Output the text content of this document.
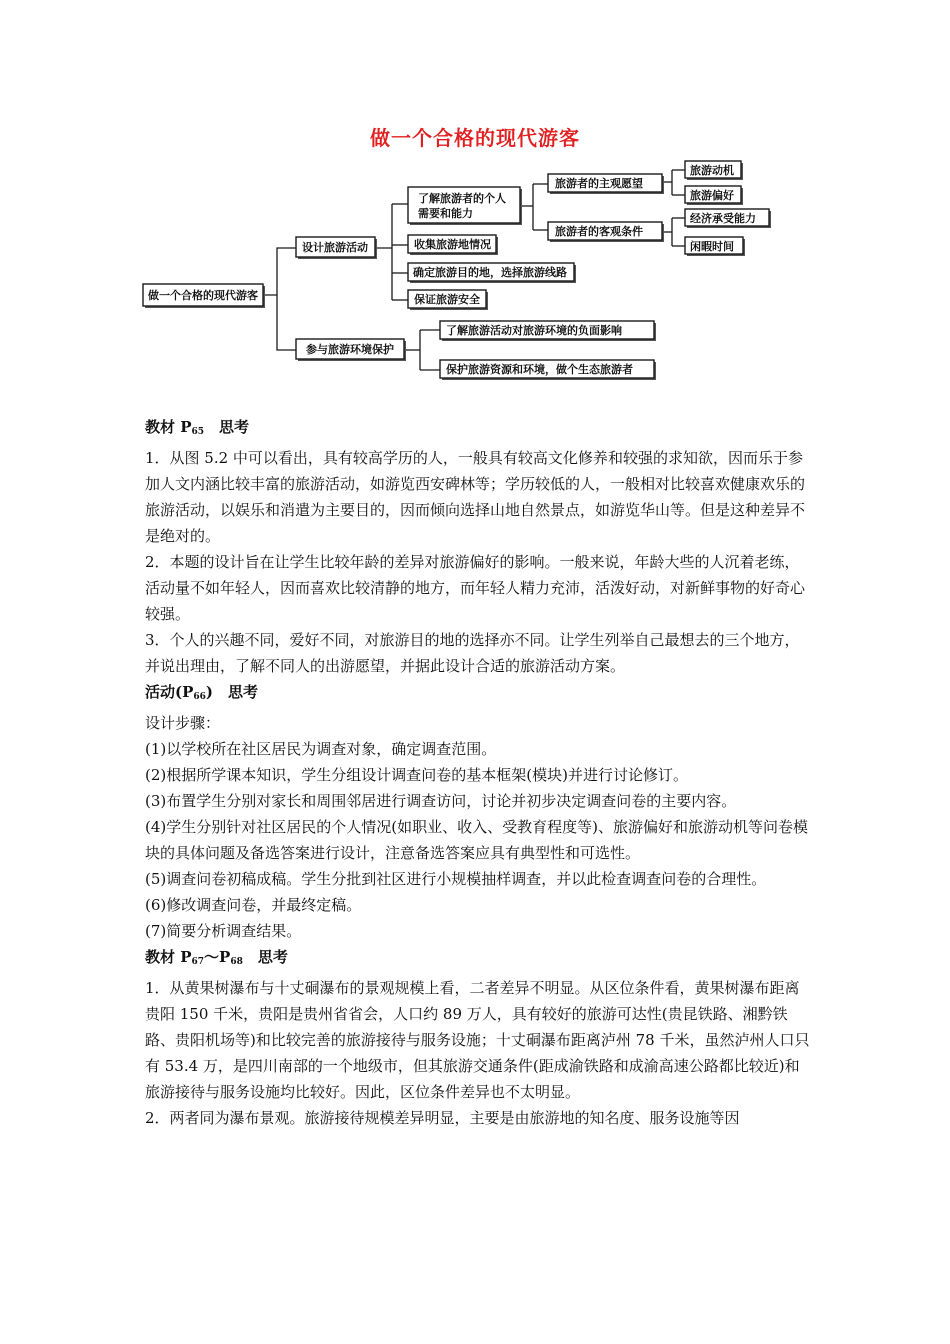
做一个合格的现代游客
做一个合格的现代游客
设计旅游活动
参与旅游环境保护
了解旅游者的个人
需要和能力
收集旅游地情况
确定旅游目的地，选择旅游线路
保证旅游安全
旅游者的主观愿望
旅游者的客观条件
旅游动机
旅游偏好
经济承受能力
闲暇时间
了解旅游活动对旅游环境的负面影响
保护旅游资源和环境，做个生态旅游者

教材 $P_{65}$　思考

1．从图 5.2 中可以看出，具有较高学历的人，一般具有较高文化修养和较强的求知欲，因而乐于参加人文内涵比较丰富的旅游活动，如游览西安碑林等；学历较低的人，一般相对比较喜欢健康欢乐的旅游活动，以娱乐和消遣为主要目的，因而倾向选择山地自然景点，如游览华山等。但是这种差异不是绝对的。

2．本题的设计旨在让学生比较年龄的差异对旅游偏好的影响。一般来说，年龄大些的人沉着老练，活动量不如年轻人，因而喜欢比较清静的地方，而年轻人精力充沛，活泼好动，对新鲜事物的好奇心较强。

3．个人的兴趣不同，爱好不同，对旅游目的地的选择亦不同。让学生列举自己最想去的三个地方，并说出理由，了解不同人的出游愿望，并据此设计合适的旅游活动方案。

活动$(P_{66})$　思考

设计步骤：

(1)以学校所在社区居民为调查对象，确定调查范围。

(2)根据所学课本知识，学生分组设计调查问卷的基本框架(模块)并进行讨论修订。

(3)布置学生分别对家长和周围邻居进行调查访问，讨论并初步决定调查问卷的主要内容。

(4)学生分别针对社区居民的个人情况(如职业、收入、受教育程度等)、旅游偏好和旅游动机等问卷模块的具体问题及备选答案进行设计，注意备选答案应具有典型性和可选性。

(5)调查问卷初稿成稿。学生分批到社区进行小规模抽样调查，并以此检查调查问卷的合理性。

(6)修改调查问卷，并最终定稿。

(7)简要分析调查结果。

教材 $P_{67}\sim P_{68}$　思考

1．从黄果树瀑布与十丈硐瀑布的景观规模上看，二者差异不明显。从区位条件看，黄果树瀑布距离贵阳 150 千米，贵阳是贵州省省会，人口约 89 万人，具有较好的旅游可达性(贵昆铁路、湘黔铁路、贵阳机场等)和比较完善的旅游接待与服务设施；十丈硐瀑布距离泸州 78 千米，虽然泸州人口只有 53.4 万，是四川南部的一个地级市，但其旅游交通条件(距成渝铁路和成渝高速公路都比较近)和旅游接待与服务设施均比较好。因此，区位条件差异也不太明显。

2．两者同为瀑布景观。旅游接待规模差异明显，主要是由旅游地的知名度、服务设施等因
